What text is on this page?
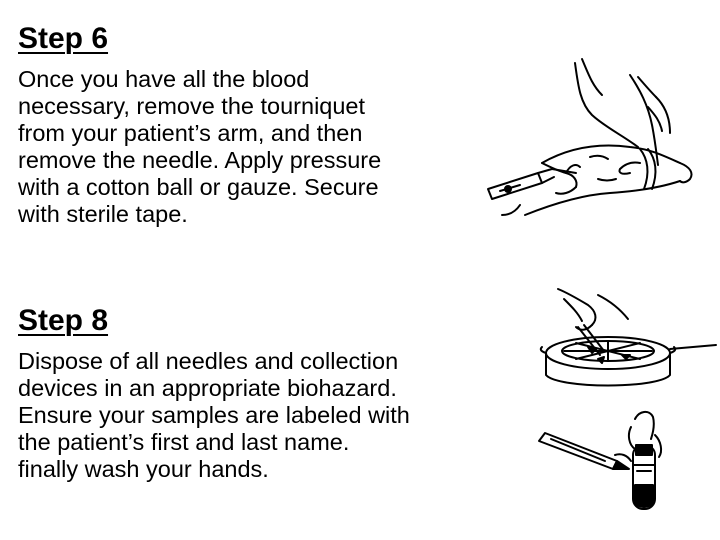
Step 6

Once you have all the blood
necessary, remove the tourniquet
from your patient’s arm, and then
remove the needle. Apply pressure
with a cotton ball or gauze. Secure
with sterile tape.

Step 8

Dispose of all needles and collection
devices in an appropriate biohazard.
Ensure your samples are labeled with
the patient’s first and last name.
finally wash your hands.
